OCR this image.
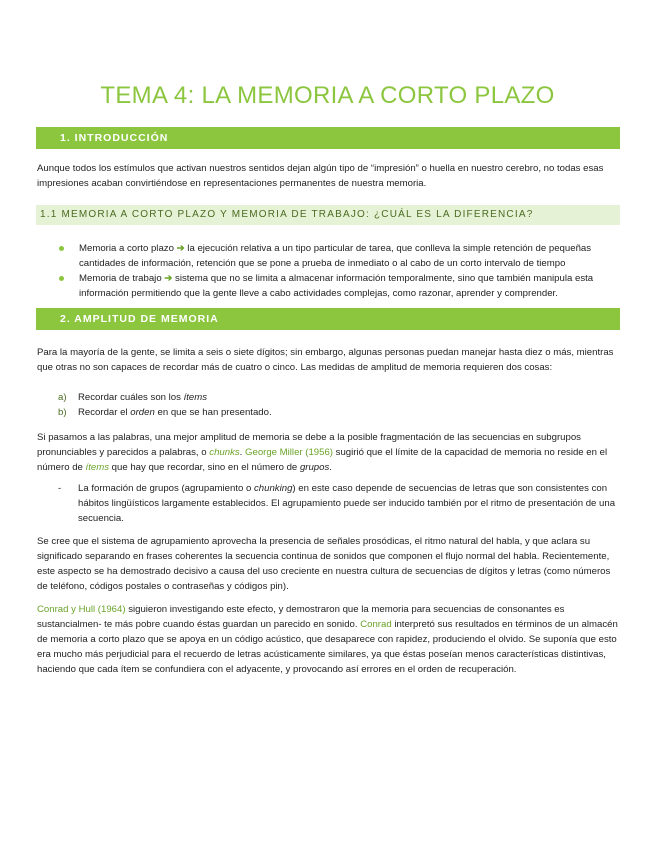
TEMA 4: LA MEMORIA A CORTO PLAZO
1. INTRODUCCIÓN

Aunque todos los estímulos que activan nuestros sentidos dejan algún tipo de “impresión” o huella en nuestro cerebro, no todas esas impresiones acaban convirtiéndose en representaciones permanentes de nuestra memoria.

1.1 MEMORIA A CORTO PLAZO Y MEMORIA DE TRABAJO: ¿CUÁL ES LA DIFERENCIA?
Memoria a corto plazo ➔ la ejecución relativa a un tipo particular de tarea, que conlleva la simple retención de pequeñas cantidades de información, retención que se pone a prueba de inmediato o al cabo de un corto intervalo de tiempo
Memoria de trabajo ➔ sistema que no se limita a almacenar información temporalmente, sino que también manipula esta información permitiendo que la gente lleve a cabo actividades complejas, como razonar, aprender y comprender.
2. AMPLITUD DE MEMORIA

Para la mayoría de la gente, se limita a seis o siete dígitos; sin embargo, algunas personas puedan manejar hasta diez o más, mientras que otras no son capaces de recordar más de cuatro o cinco. Las medidas de amplitud de memoria requieren dos cosas:

a) Recordar cuáles son los ítems
b) Recordar el orden en que se han presentado.

Si pasamos a las palabras, una mejor amplitud de memoria se debe a la posible fragmentación de las secuencias en subgrupos pronunciables y parecidos a palabras, o chunks. George Miller (1956) sugirió que el límite de la capacidad de memoria no reside en el número de ítems que hay que recordar, sino en el número de grupos.

- La formación de grupos (agrupamiento o chunking) en este caso depende de secuencias de letras que son consistentes con hábitos lingüísticos largamente establecidos. El agrupamiento puede ser inducido también por el ritmo de presentación de una secuencia.

Se cree que el sistema de agrupamiento aprovecha la presencia de señales prosódicas, el ritmo natural del habla, y que aclara su significado separando en frases coherentes la secuencia continua de sonidos que componen el flujo normal del habla. Recientemente, este aspecto se ha demostrado decisivo a causa del uso creciente en nuestra cultura de secuencias de dígitos y letras (como números de teléfono, códigos postales o contraseñas y códigos pin).

Conrad y Hull (1964) siguieron investigando este efecto, y demostraron que la memoria para secuencias de consonantes es sustancialmen- te más pobre cuando éstas guardan un parecido en sonido. Conrad interpretó sus resultados en términos de un almacén de memoria a corto plazo que se apoya en un código acústico, que desaparece con rapidez, produciendo el olvido. Se suponía que esto era mucho más perjudicial para el recuerdo de letras acústicamente similares, ya que éstas poseían menos características distintivas, haciendo que cada ítem se confundiera con el adyacente, y provocando así errores en el orden de recuperación.
